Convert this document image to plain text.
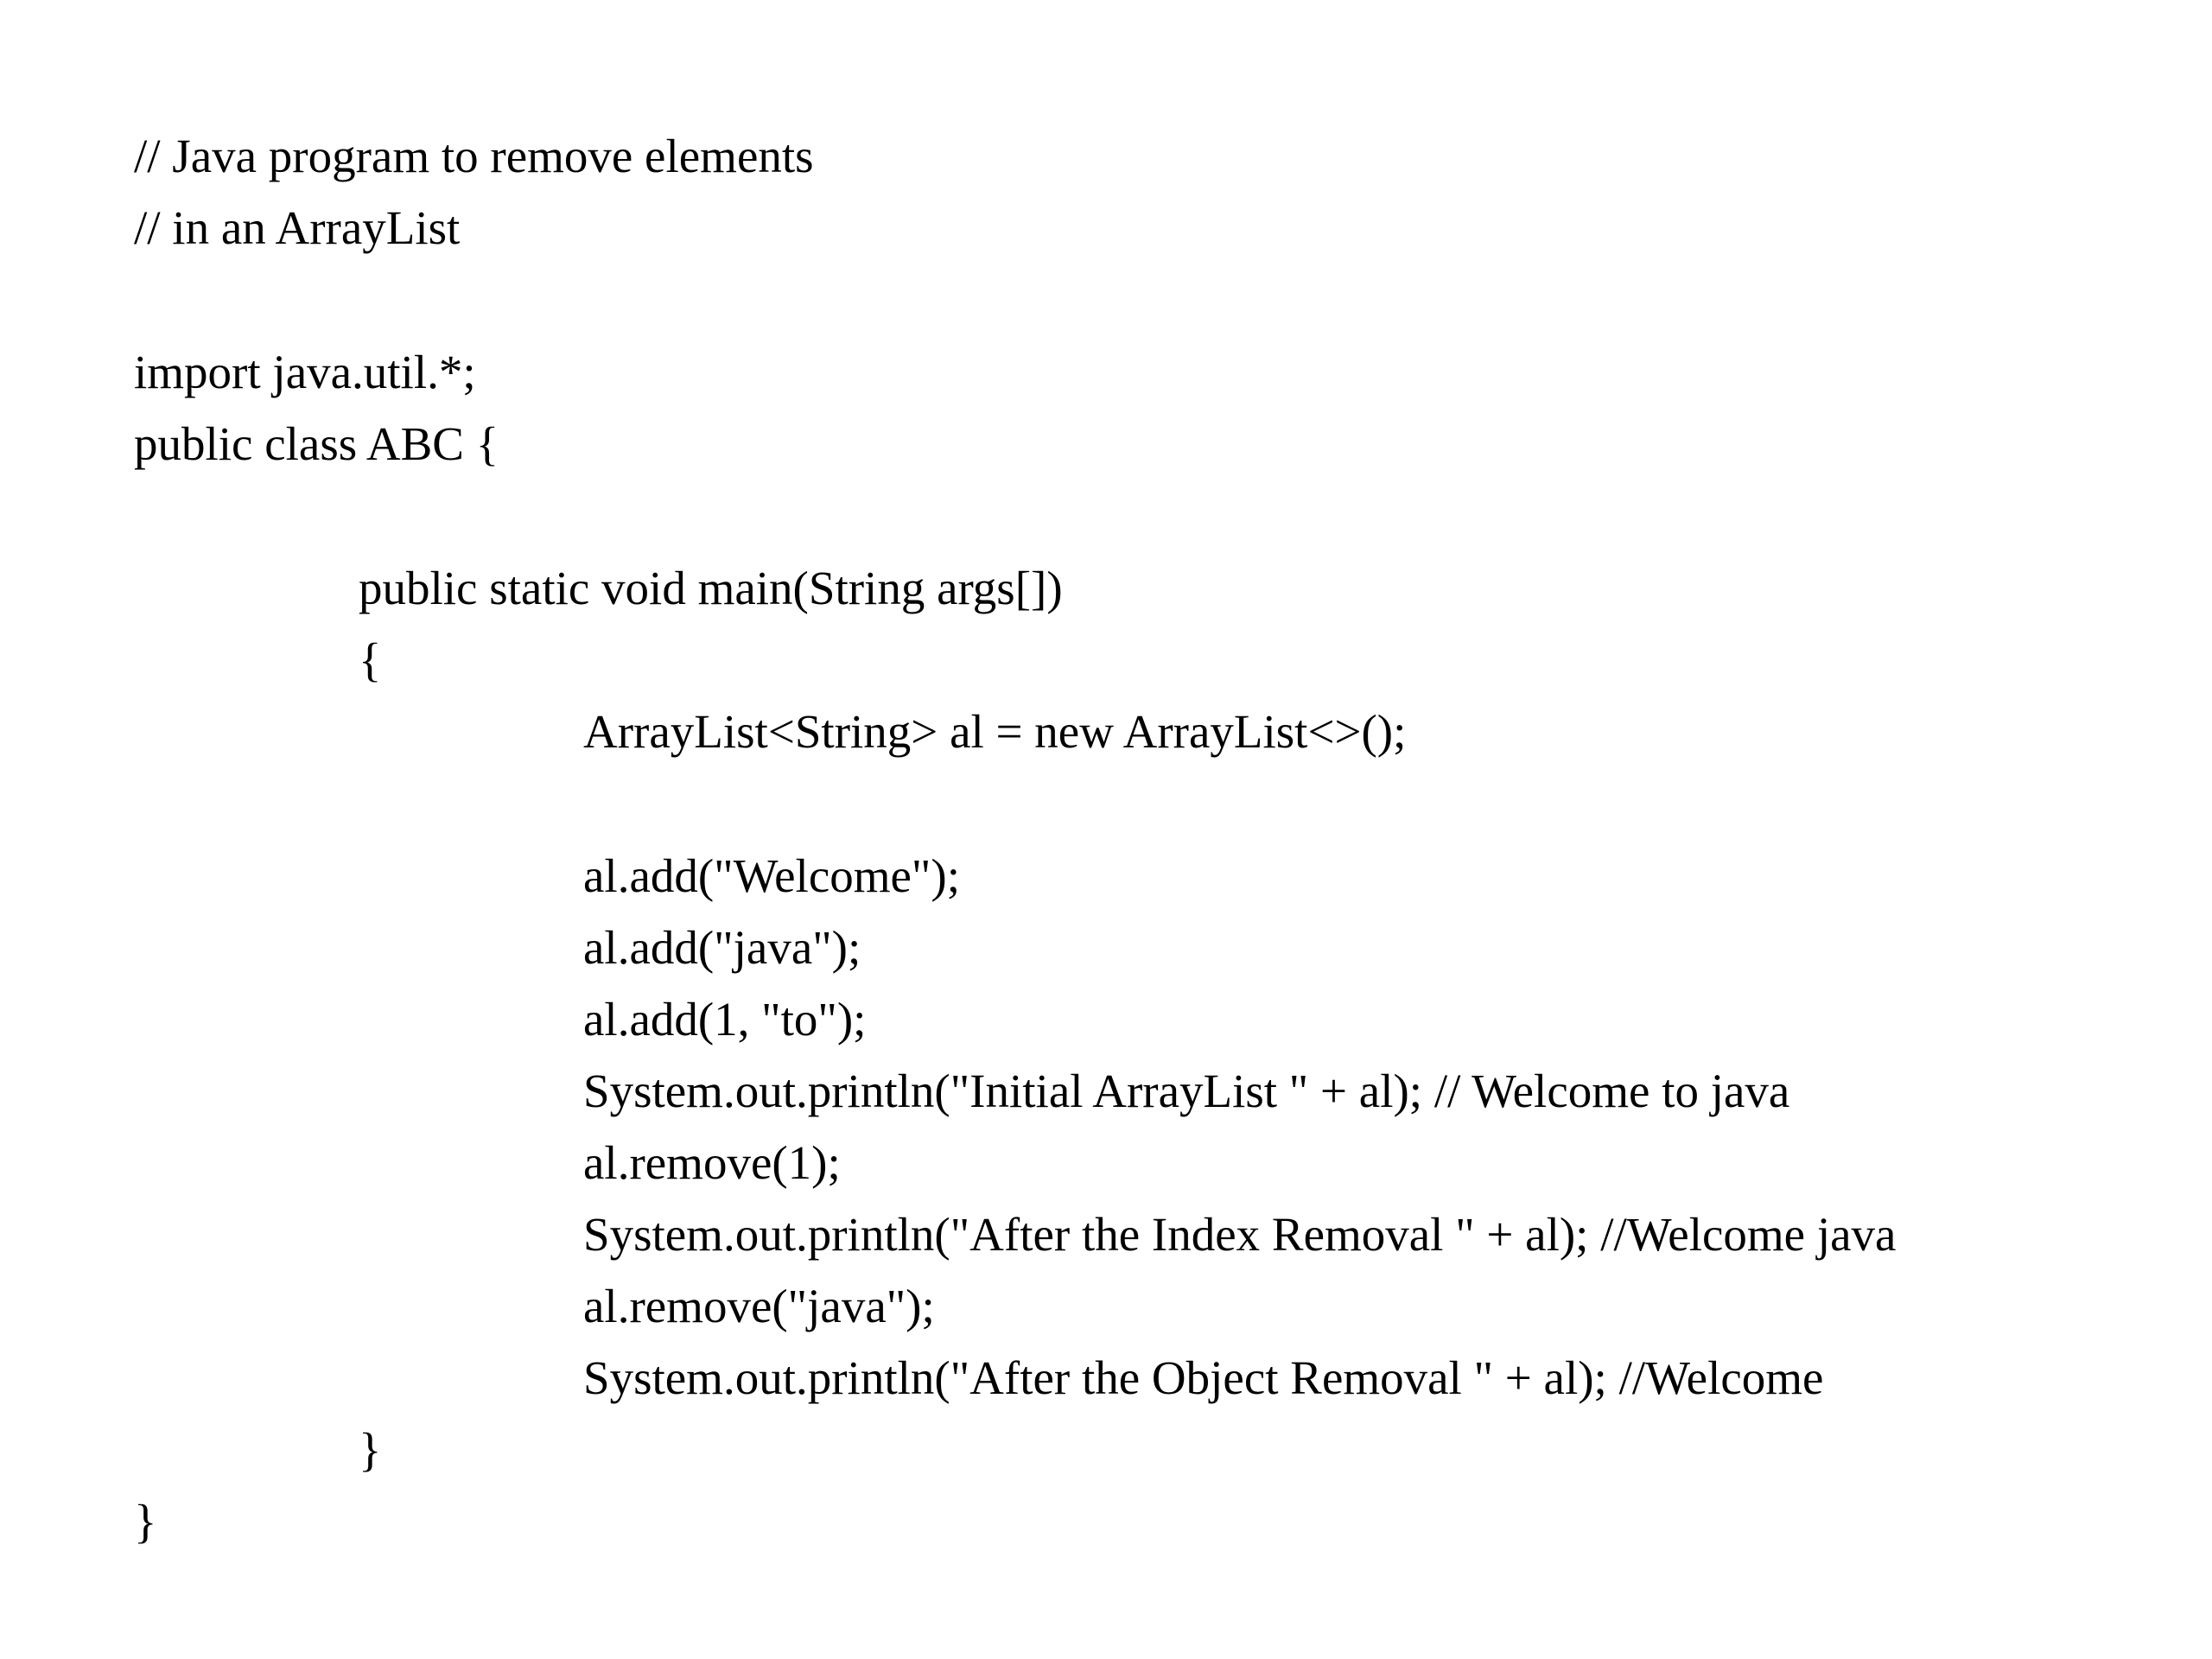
// Java program to remove elements
// in an ArrayList
import java.util.*;
public class ABC {
public static void main(String args[])
{
ArrayList<String> al = new ArrayList<>();
al.add("Welcome");
al.add("java");
al.add(1, "to");
System.out.println("Initial ArrayList " + al); // Welcome to java
al.remove(1);
System.out.println("After the Index Removal " + al); //Welcome java
al.remove("java");
System.out.println("After the Object Removal " + al); //Welcome
}
}
